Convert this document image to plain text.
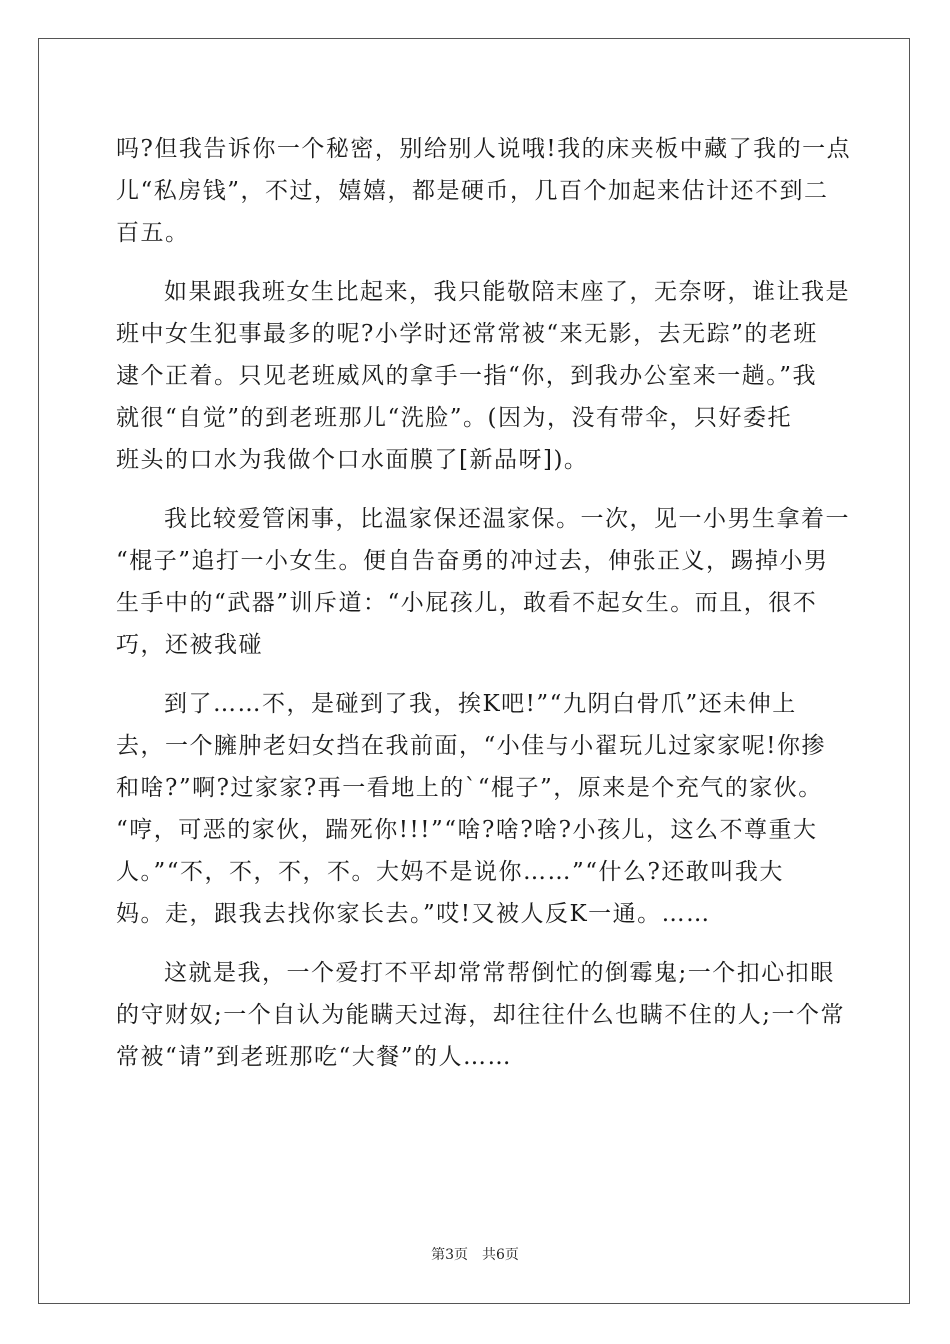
吗?但我告诉你一个秘密，别给别人说哦!我的床夹板中藏了我的一点
儿“私房钱”，不过，嬉嬉，都是硬币，几百个加起来估计还不到二
百五。
如果跟我班女生比起来，我只能敬陪末座了，无奈呀，谁让我是
班中女生犯事最多的呢?小学时还常常被“来无影，去无踪”的老班
逮个正着。只见老班威风的拿手一指“你，到我办公室来一趟。”我
就很“自觉”的到老班那儿“洗脸”。(因为，没有带伞，只好委托
班头的口水为我做个口水面膜了[新品呀])。
我比较爱管闲事，比温家保还温家保。一次，见一小男生拿着一
“棍子”追打一小女生。便自告奋勇的冲过去，伸张正义，踢掉小男
生手中的“武器”训斥道：“小屁孩儿，敢看不起女生。而且，很不
巧，还被我碰
到了……不，是碰到了我，挨K吧!”“九阴白骨爪”还未伸上
去，一个臃肿老妇女挡在我前面，“小佳与小翟玩儿过家家呢!你掺
和啥?”啊?过家家?再一看地上的`“棍子”，原来是个充气的家伙。
“哼，可恶的家伙，踹死你!!!”“啥?啥?啥?小孩儿，这么不尊重大
人。”“不，不，不，不。大妈不是说你……”“什么?还敢叫我大
妈。走，跟我去找你家长去。”哎!又被人反K一通。……
这就是我，一个爱打不平却常常帮倒忙的倒霉鬼;一个扣心扣眼
的守财奴;一个自认为能瞒天过海，却往往什么也瞒不住的人;一个常
常被“请”到老班那吃“大餐”的人……
第3页　共6页
